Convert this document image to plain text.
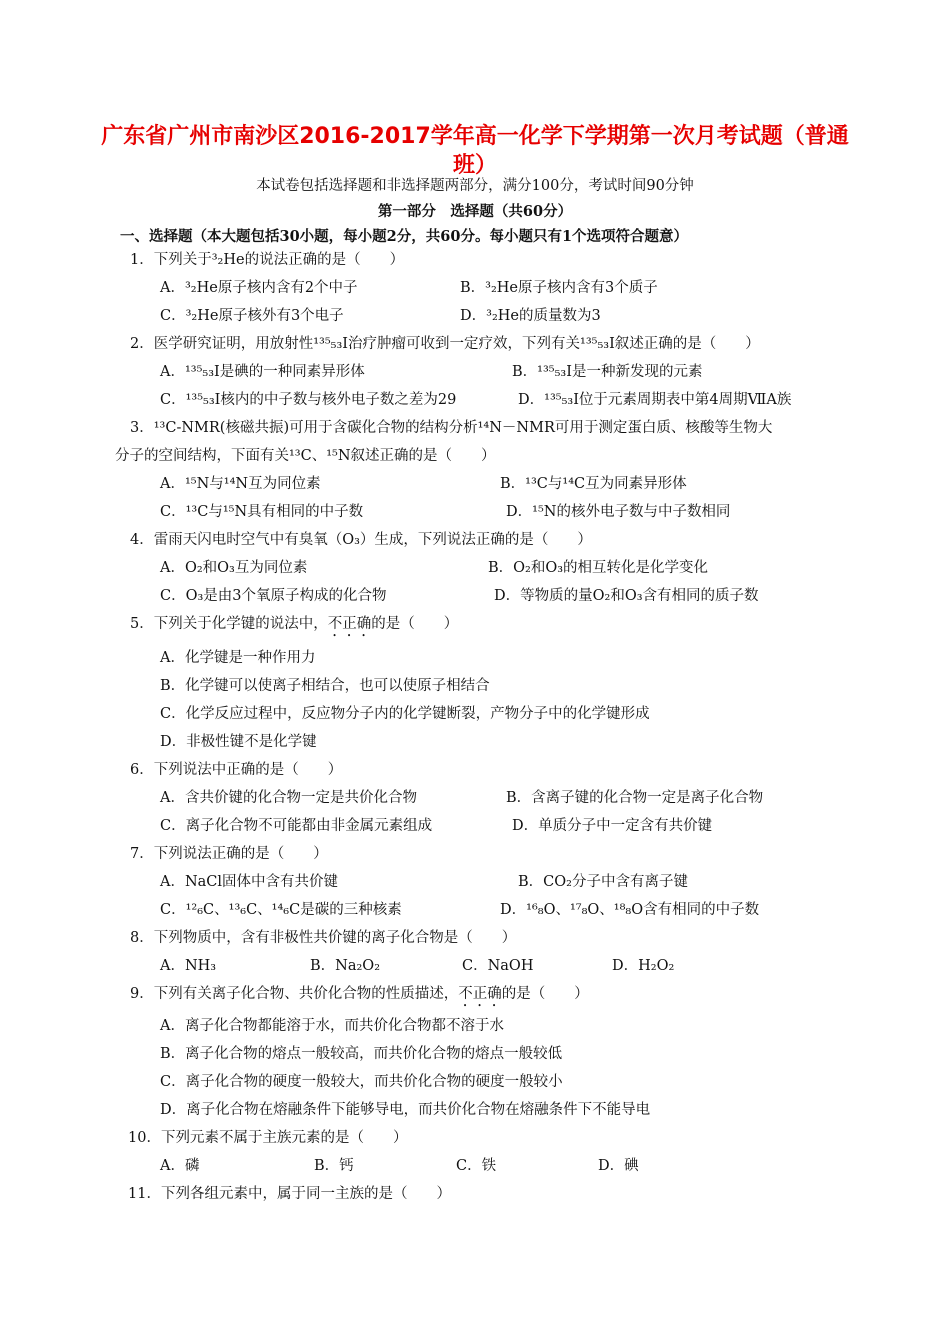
广东省广州市南沙区2016-2017学年高一化学下学期第一次月考试题（普通班）
本试卷包括选择题和非选择题两部分，满分100分，考试时间90分钟
第一部分　选择题（共60分）
一、选择题（本大题包括30小题，每小题2分，共60分。每小题只有1个选项符合题意）
1．下列关于³₂He的说法正确的是（　　）
A．³₂He原子核内含有2个中子	B．³₂He原子核内含有3个质子
C．³₂He原子核外有3个电子	D．³₂He的质量数为3
2．医学研究证明，用放射性¹³⁵₅₃I治疗肿瘤可收到一定疗效，下列有关¹³⁵₅₃I叙述正确的是（　　）
A．¹³⁵₅₃I是碘的一种同素异形体	B．¹³⁵₅₃I是一种新发现的元素
C．¹³⁵₅₃I核内的中子数与核外电子数之差为29	D．¹³⁵₅₃I位于元素周期表中第4周期ⅦA族
3．¹³C-NMR(核磁共振)可用于含碳化合物的结构分析¹⁴N－NMR可用于测定蛋白质、核酸等生物大
分子的空间结构，下面有关¹³C、¹⁵N叙述正确的是（　　）
A．¹⁵N与¹⁴N互为同位素	B．¹³C与¹⁴C互为同素异形体
C．¹³C与¹⁵N具有相同的中子数	D．¹⁵N的核外电子数与中子数相同
4．雷雨天闪电时空气中有臭氧（O₃）生成，下列说法正确的是（　　）
A．O₂和O₃互为同位素	B．O₂和O₃的相互转化是化学变化
C．O₃是由3个氧原子构成的化合物	D．等物质的量O₂和O₃含有相同的质子数
5．下列关于化学键的说法中，不正确的是（　　）
A．化学键是一种作用力
B．化学键可以使离子相结合，也可以使原子相结合
C．化学反应过程中，反应物分子内的化学键断裂，产物分子中的化学键形成
D．非极性键不是化学键
6．下列说法中正确的是（　　）
A．含共价键的化合物一定是共价化合物	B．含离子键的化合物一定是离子化合物
C．离子化合物不可能都由非金属元素组成	D．单质分子中一定含有共价键
7．下列说法正确的是（　　）
A．NaCl固体中含有共价键	B．CO₂分子中含有离子键
C．¹²₆C、¹³₆C、¹⁴₆C是碳的三种核素	D．¹⁶₈O、¹⁷₈O、¹⁸₈O含有相同的中子数
8．下列物质中，含有非极性共价键的离子化合物是（　　）
A．NH₃	B．Na₂O₂	C．NaOH	D．H₂O₂
9．下列有关离子化合物、共价化合物的性质描述，不正确的是（　　）
A．离子化合物都能溶于水，而共价化合物都不溶于水
B．离子化合物的熔点一般较高，而共价化合物的熔点一般较低
C．离子化合物的硬度一般较大，而共价化合物的硬度一般较小
D．离子化合物在熔融条件下能够导电，而共价化合物在熔融条件下不能导电
10．下列元素不属于主族元素的是（　　）
A．磷	B．钙	C．铁	D．碘
11．下列各组元素中，属于同一主族的是（　　）
